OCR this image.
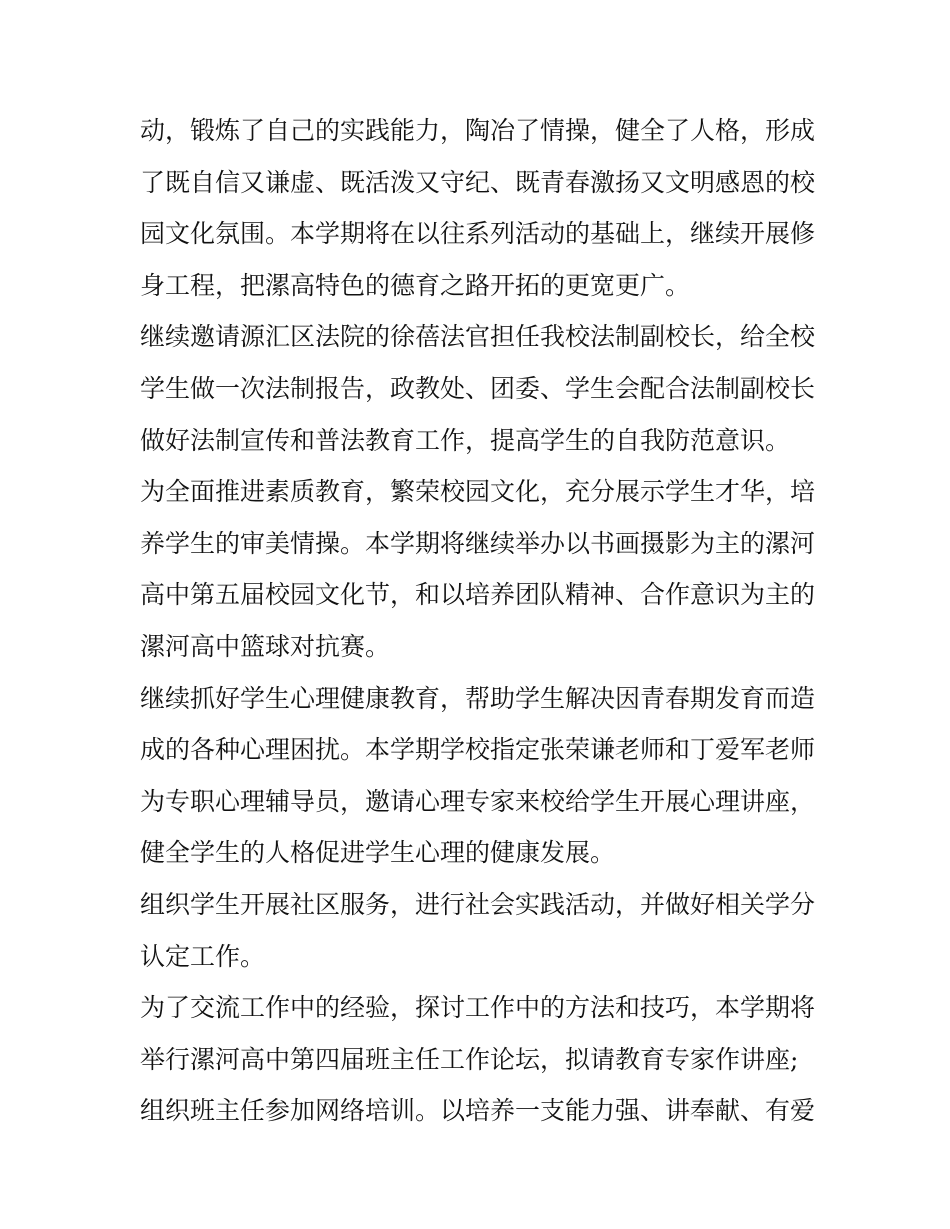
动，锻炼了自己的实践能力，陶冶了情操，健全了人格，形成
了既自信又谦虚、既活泼又守纪、既青春激扬又文明感恩的校
园文化氛围。本学期将在以往系列活动的基础上，继续开展修
身工程，把漯高特色的德育之路开拓的更宽更广。
继续邀请源汇区法院的徐蓓法官担任我校法制副校长，给全校
学生做一次法制报告，政教处、团委、学生会配合法制副校长
做好法制宣传和普法教育工作，提高学生的自我防范意识。
为全面推进素质教育，繁荣校园文化，充分展示学生才华，培
养学生的审美情操。本学期将继续举办以书画摄影为主的漯河
高中第五届校园文化节，和以培养团队精神、合作意识为主的
漯河高中篮球对抗赛。
继续抓好学生心理健康教育，帮助学生解决因青春期发育而造
成的各种心理困扰。本学期学校指定张荣谦老师和丁爱军老师
为专职心理辅导员，邀请心理专家来校给学生开展心理讲座，
健全学生的人格促进学生心理的健康发展。
组织学生开展社区服务，进行社会实践活动，并做好相关学分
认定工作。
为了交流工作中的经验，探讨工作中的方法和技巧，本学期将
举行漯河高中第四届班主任工作论坛，拟请教育专家作讲座;
组织班主任参加网络培训。以培养一支能力强、讲奉献、有爱
